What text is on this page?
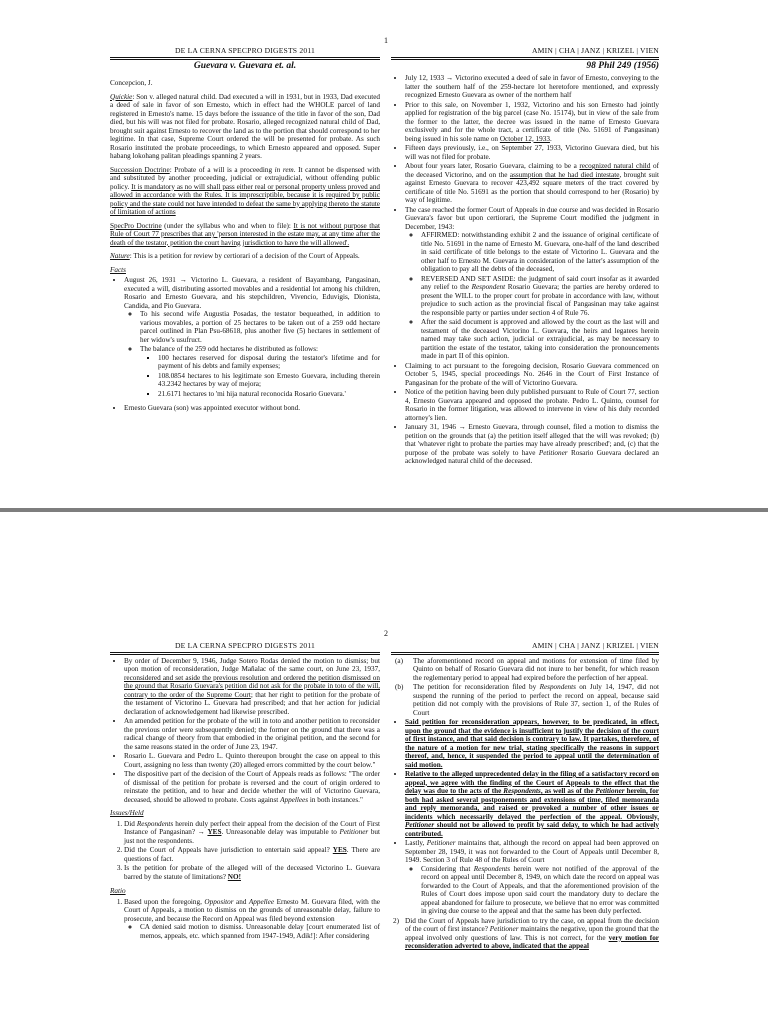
1
DE LA CERNA SPECPRO DIGESTS 2011
Guevara v. Guevara et. al.

Concepcion, J.

Quickie: Son v. alleged natural child. Dad executed a will in 1931, but in 1933, Dad executed a deed of sale in favor of son Ernesto, which in effect had the WHOLE parcel of land registered in Ernesto's name. 15 days before the issuance of the title in favor of the son, Dad died, but his will was not filed for probate. Rosario, alleged recognized natural child of Dad, brought suit against Ernesto to recover the land as to the portion that should correspond to her legitime. In that case, Supreme Court ordered the will be presented for probate. As such Rosario instituted the probate proceedings, to which Ernesto appeared and opposed. Super habang lokohang palitan pleadings spanning 2 years.

Succession Doctrine: Probate of a will is a proceeding in rem. It cannot be dispensed with and substituted by another proceeding, judicial or extrajudicial, without offending public policy. It is mandatory as no will shall pass either real or personal property unless proved and allowed in accordance with the Rules. It is imprescriptible, because it is required by public policy and the state could not have intended to defeat the same by applying thereto the statute of limitation of actions

SpecPro Doctrine (under the syllabus who and when to file): It is not without purpose that Rule of Court 77 prescribes that any 'person interested in the estate may, at any time after the death of the testator, petition the court having jurisdiction to have the will allowed'.

Nature: This is a petition for review by certiorari of a decision of the Court of Appeals.

Facts
• August 26, 1931 → Victorino L. Guevara, a resident of Bayambang, Pangasinan, executed a will, distributing assorted movables and a residential lot among his children, Rosario and Ernesto Guevara, and his stepchildren, Vivencio, Eduvigis, Dionista, Candida, and Pio Guevara.
◦ To his second wife Augustia Posadas, the testator bequeathed, in addition to various movables, a portion of 25 hectares to be taken out of a 259 odd hectare parcel outlined in Plan Psu-68618, plus another five (5) hectares in settlement of her widow's usufruct.
◦ The balance of the 259 odd hectares he distributed as follows:
▪ 100 hectares reserved for disposal during the testator's lifetime and for payment of his debts and family expenses;
▪ 108.0854 hectares to his legitimate son Ernesto Guevara, including therein 43.2342 hectares by way of mejora;
▪ 21.6171 hectares to 'mi hija natural reconocida Rosario Guevara.'
• Ernesto Guevara (son) was appointed executor without bond.
AMIN | CHA | JANZ | KRIZEL | VIEN
98 Phil 249 (1956)
• July 12, 1933 → Victorino executed a deed of sale in favor of Ernesto, conveying to the latter the southern half of the 259-hectare lot heretofore mentioned, and expressly recognized Ernesto Guevara as owner of the northern half
• Prior to this sale, on November 1, 1932, Victorino and his son Ernesto had jointly applied for registration of the big parcel (case No. 15174), but in view of the sale from the former to the latter, the decree was issued in the name of Ernesto Guevara exclusively and for the whole tract, a certificate of title (No. 51691 of Pangasinan) being issued in his sole name on October 12, 1933.
• Fifteen days previously, i.e., on September 27, 1933, Victorino Guevara died, but his will was not filed for probate.
• About four years later, Rosario Guevara, claiming to be a recognized natural child of the deceased Victorino, and on the assumption that he had died intestate, brought suit against Ernesto Guevara to recover 423,492 square meters of the tract covered by certificate of title No. 51691 as the portion that should correspond to her (Rosario) by way of legitime.
• The case reached the former Court of Appeals in due course and was decided in Rosario Guevara's favor but upon certiorari, the Supreme Court modified the judgment in December, 1943:
◦ AFFIRMED: notwithstanding exhibit 2 and the issuance of original certificate of title No. 51691 in the name of Ernesto M. Guevara, one-half of the land described in said certificate of title belongs to the estate of Victorino L. Guevara and the other half to Ernesto M. Guevara in consideration of the latter's assumption of the obligation to pay all the debts of the deceased,
◦ REVERSED AND SET ASIDE: the judgment of said court insofar as it awarded any relief to the Respondent Rosario Guevara; the parties are hereby ordered to present the WILL to the proper court for probate in accordance with law, without prejudice to such action as the provincial fiscal of Pangasinan may take against the responsible party or parties under section 4 of Rule 76.
◦ After the said document is approved and allowed by the court as the last will and testament of the deceased Victorino L. Guevara, the heirs and legatees herein named may take such action, judicial or extrajudicial, as may be necessary to partition the estate of the testator, taking into consideration the pronouncements made in part II of this opinion.
• Claiming to act pursuant to the foregoing decision, Rosario Guevara commenced on October 5, 1945, special proceedings No. 2646 in the Court of First Instance of Pangasinan for the probate of the will of Victorino Guevara.
• Notice of the petition having been duly published pursuant to Rule of Court 77, section 4, Ernesto Guevara appeared and opposed the probate. Pedro L. Quinto, counsel for Rosario in the former litigation, was allowed to intervene in view of his duly recorded attorney's lien.
• January 31, 1946 → Ernesto Guevara, through counsel, filed a motion to dismiss the petition on the grounds that (a) the petition itself alleged that the will was revoked; (b) that 'whatever right to probate the parties may have already prescribed'; and, (c) that the purpose of the probate was solely to have Petitioner Rosario Guevara declared an acknowledged natural child of the deceased.
2
DE LA CERNA SPECPRO DIGESTS 2011
• By order of December 9, 1946, Judge Sotero Rodas denied the motion to dismiss; but upon motion of reconsideration, Judge Mañalac of the same court, on June 23, 1937, reconsidered and set aside the previous resolution and ordered the petition dismissed on the ground that Rosario Guevara's petition did not ask for the probate in toto of the will, contrary to the order of the Supreme Court; that her right to petition for the probate of the testament of Victorino L. Guevara had prescribed; and that her action for judicial declaration of acknowledgement had likewise prescribed.
• An amended petition for the probate of the will in toto and another petition to reconsider the previous order were subsequently denied; the former on the ground that there was a radical change of theory from that embodied in the original petition, and the second for the same reasons stated in the order of June 23, 1947.
• Rosario L. Guevara and Pedro L. Quinto thereupon brought the case on appeal to this Court, assigning no less than twenty (20) alleged errors committed by the court below."
• The dispositive part of the decision of the Court of Appeals reads as follows: "The order of dismissal of the petition for probate is reversed and the court of origin ordered to reinstate the petition, and to hear and decide whether the will of Victorino Guevara, deceased, should be allowed to probate. Costs against Appellees in both instances."
Issues/Held
1. Did Respondents herein duly perfect their appeal from the decision of the Court of First Instance of Pangasinan? → YES. Unreasonable delay was imputable to Petitioner but just not the respondents.
2. Did the Court of Appeals have jurisdiction to entertain said appeal? YES. There are questions of fact.
3. Is the petition for probate of the alleged will of the deceased Victorino L. Guevara barred by the statute of limitations? NO!
Ratio
1. Based upon the foregoing, Oppositor and Appellee Ernesto M. Guevara filed, with the Court of Appeals, a motion to dismiss on the grounds of unreasonable delay, failure to prosecute, and because the Record on Appeal was filed beyond extension
◦ CA denied said motion to dismiss. Unreasonable delay [court enumerated list of memos, appeals, etc. which spanned from 1947-1949, Adik!]: After considering
AMIN | CHA | JANZ | KRIZEL | VIEN
(a) The aforementioned record on appeal and motions for extension of time filed by Quinto on behalf of Rosario Guevara did not inure to her benefit, for which reason the reglementary period to appeal had expired before the perfection of her appeal.
(b) The petition for reconsideration filed by Respondents on July 14, 1947, did not suspend the running of the period to perfect the record on appeal, because said petition did not comply with the provisions of Rule 37, section 1, of the Rules of Court
• Said petition for reconsideration appears, however, to be predicated, in effect, upon the ground that the evidence is insufficient to justify the decision of the court of first instance, and that said decision is contrary to law. It partakes, therefore, of the nature of a motion for new trial, stating specifically the reasons in support thereof, and, hence, it suspended the period to appeal until the determination of said motion.
• Relative to the alleged unprecedented delay in the filing of a satisfactory record on appeal, we agree with the finding of the Court of Appeals to the effect that the delay was due to the acts of the Respondents, as well as of the Petitioner herein, for both had asked several postponements and extensions of time, filed memoranda and reply memoranda, and raised or provoked a number of other issues or incidents which necessarily delayed the perfection of the appeal. Obviously, Petitioner should not be allowed to profit by said delay, to which he had actively contributed.
• Lastly, Petitioner maintains that, although the record on appeal had been approved on September 28, 1949, it was not forwarded to the Court of Appeals until December 8, 1949. Section 3 of Rule 48 of the Rules of Court
◦ Considering that Respondents herein were not notified of the approval of the record on appeal until December 8, 1949, on which date the record on appeal was forwarded to the Court of Appeals, and that the aforementioned provision of the Rules of Court does impose upon said court the mandatory duty to declare the appeal abandoned for failure to prosecute, we believe that no error was committed in giving due course to the appeal and that the same has been duly perfected.
2) Did the Court of Appeals have jurisdiction to try the case, on appeal from the decision of the court of first instance? Petitioner maintains the negative, upon the ground that the appeal involved only questions of law. This is not correct, for the very motion for reconsideration adverted to above, indicated that the appeal
